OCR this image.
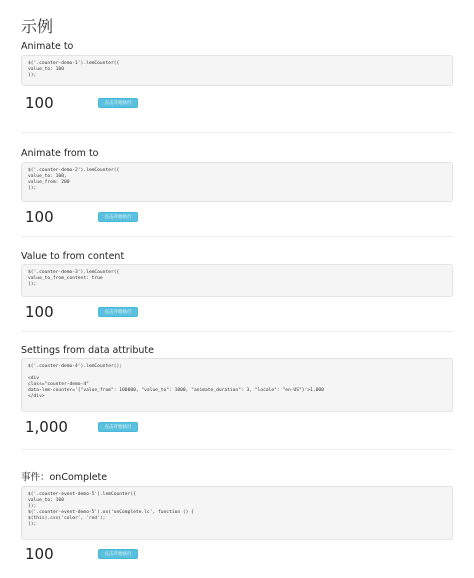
示例
Animate to
$('.counter-demo-1').lemCounter({
value_to: 100
});
100	点击开始执行
Animate from to
$('.counter-demo-2').lemCounter({
value_to: 100,
value_from: 200
});
100	点击开始执行
Value to from content
$('.counter-demo-3').lemCounter({
value_to_from_content: true
});
100	点击开始执行
Settings from data attribute
$('.counter-demo-4').lemCounter();

<div
class="counter-demo-4"
data-lem-counter='{"value_from": 100000, "value_to": 1000, "animate_duration": 3, "locale": "en-US"}'>1,000
</div>
1,000	点击开始执行
事件：onComplete
$('.counter-event-demo-5').lemCounter({
value_to: 100
});
$('.counter-event-demo-5').on('onComplete.lc', function () {
$(this).css('color', 'red');
});
100	点击开始执行
